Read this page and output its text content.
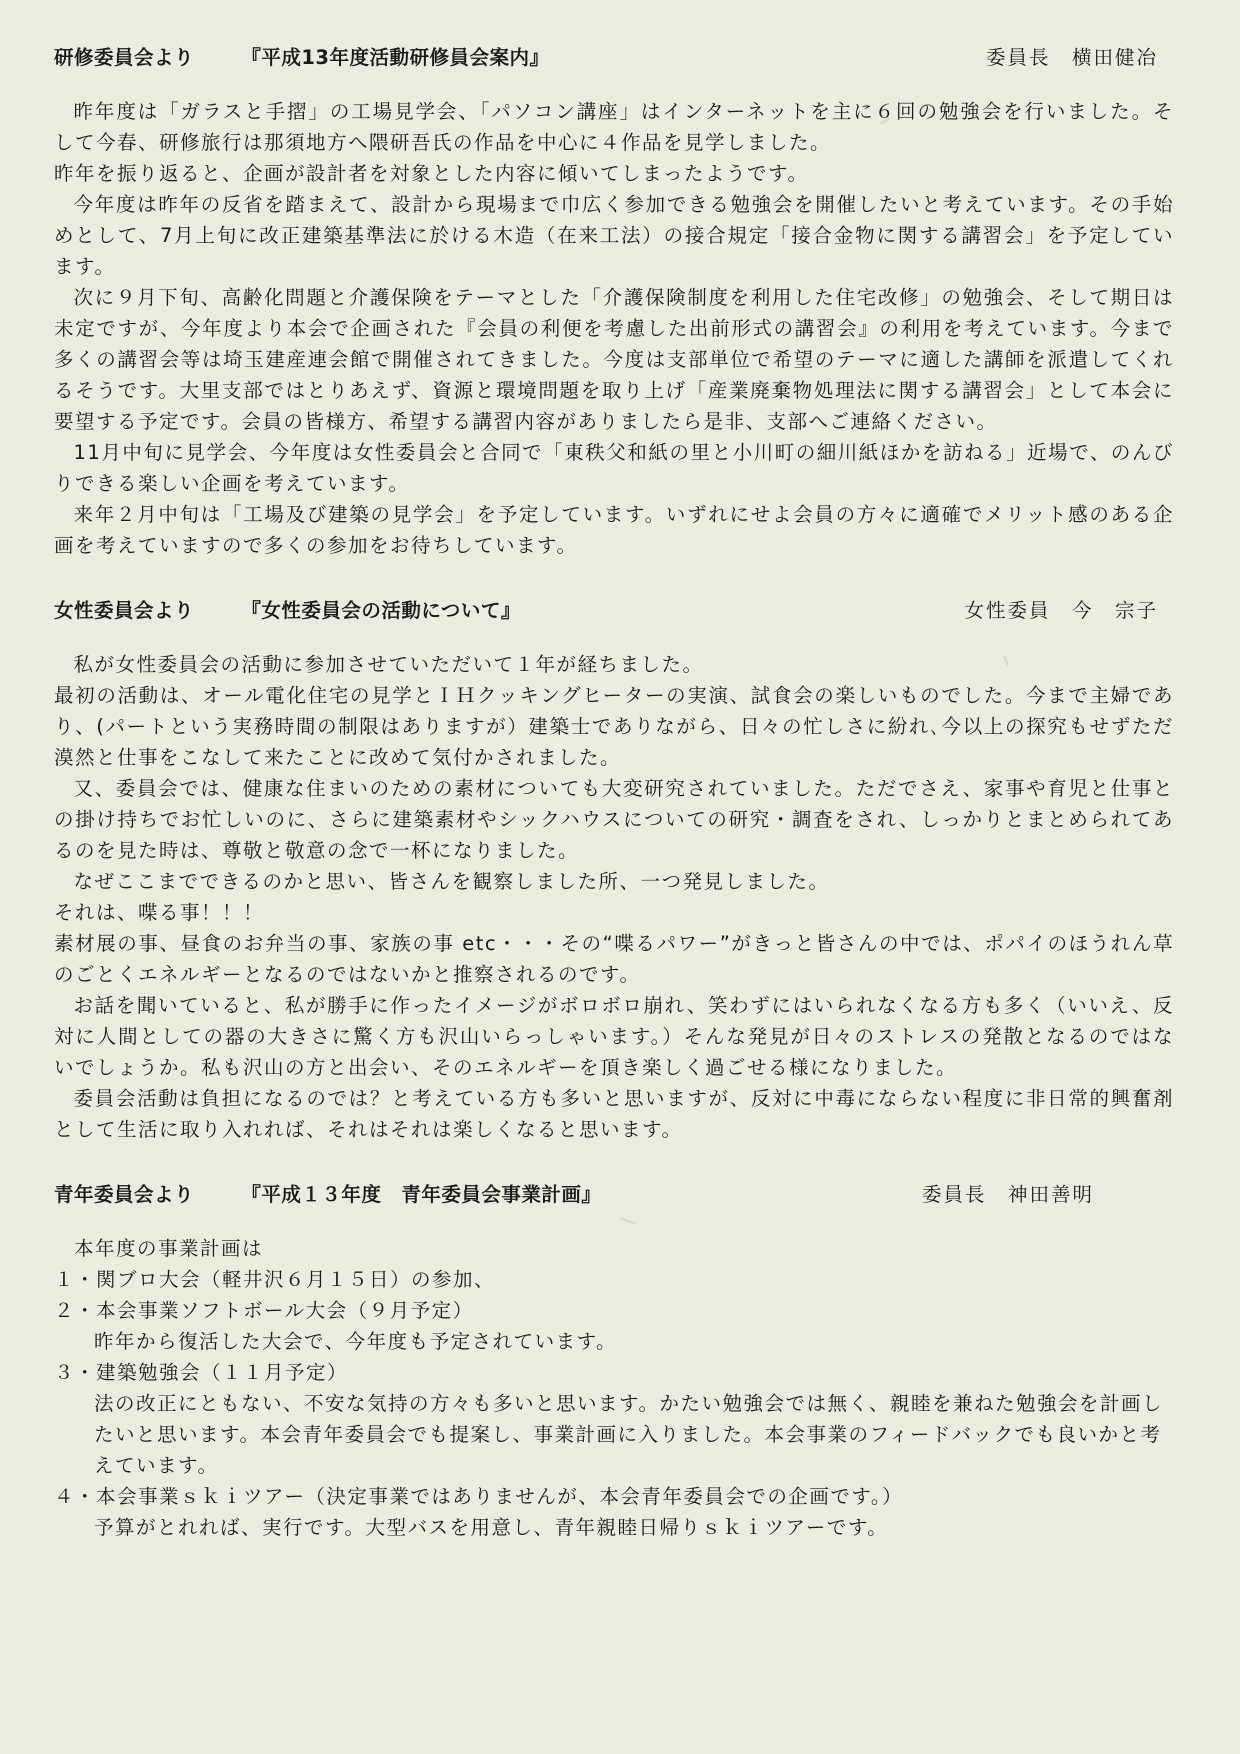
研修委員会より 『平成13年度活動研修員会案内』	委員長　横田健冶

昨年度は「ガラスと手摺」の工場見学会、「パソコン講座」はインターネットを主に６回の勉強会を行いました。そして今春、研修旅行は那須地方へ隈研吾氏の作品を中心に４作品を見学しました。

昨年を振り返ると、企画が設計者を対象とした内容に傾いてしまったようです。

今年度は昨年の反省を踏まえて、設計から現場まで巾広く参加できる勉強会を開催したいと考えています。その手始めとして、7月上旬に改正建築基準法に於ける木造（在来工法）の接合規定「接合金物に関する講習会」を予定しています。

次に９月下旬、高齢化問題と介護保険をテーマとした「介護保険制度を利用した住宅改修」の勉強会、そして期日は未定ですが、今年度より本会で企画された『会員の利便を考慮した出前形式の講習会』の利用を考えています。今まで多くの講習会等は埼玉建産連会館で開催されてきました。今度は支部単位で希望のテーマに適した講師を派遣してくれるそうです。大里支部ではとりあえず、資源と環境問題を取り上げ「産業廃棄物処理法に関する講習会」として本会に要望する予定です。会員の皆様方、希望する講習内容がありましたら是非、支部へご連絡ください。

11月中旬に見学会、今年度は女性委員会と合同で「東秩父和紙の里と小川町の細川紙ほかを訪ねる」近場で、のんびりできる楽しい企画を考えています。

来年２月中旬は「工場及び建築の見学会」を予定しています。いずれにせよ会員の方々に適確でメリット感のある企画を考えていますので多くの参加をお待ちしています。

女性委員会より 『女性委員会の活動について』	女性委員　今　宗子

私が女性委員会の活動に参加させていただいて１年が経ちました。

最初の活動は、オール電化住宅の見学とＩＨクッキングヒーターの実演、試食会の楽しいものでした。今まで主婦であり、(パートという実務時間の制限はありますが）建築士でありながら、日々の忙しさに紛れ､今以上の探究もせずただ漠然と仕事をこなして来たことに改めて気付かされました。

又、委員会では、健康な住まいのための素材についても大変研究されていました。ただでさえ、家事や育児と仕事との掛け持ちでお忙しいのに、さらに建築素材やシックハウスについての研究・調査をされ、しっかりとまとめられてあるのを見た時は、尊敬と敬意の念で一杯になりました。

なぜここまでできるのかと思い、皆さんを観察しました所、一つ発見しました。

それは、喋る事！！！

素材展の事、昼食のお弁当の事、家族の事 etc・・・その“喋るパワー”がきっと皆さんの中では、ポパイのほうれん草のごとくエネルギーとなるのではないかと推察されるのです。

お話を聞いていると、私が勝手に作ったイメージがボロボロ崩れ、笑わずにはいられなくなる方も多く（いいえ、反対に人間としての器の大きさに驚く方も沢山いらっしゃいます。）そんな発見が日々のストレスの発散となるのではないでしょうか。私も沢山の方と出会い、そのエネルギーを頂き楽しく過ごせる様になりました。

委員会活動は負担になるのでは？と考えている方も多いと思いますが、反対に中毒にならない程度に非日常的興奮剤として生活に取り入れれば、それはそれは楽しくなると思います。

青年委員会より 『平成１３年度　青年委員会事業計画』	委員長　神田善明
本年度の事業計画は
１・関ブロ大会（軽井沢６月１５日）の参加、
２・本会事業ソフトボール大会（９月予定）
昨年から復活した大会で、今年度も予定されています。
３・建築勉強会（１１月予定）
法の改正にともない、不安な気持の方々も多いと思います。かたい勉強会では無く、親睦を兼ねた勉強会を計画したいと思います。本会青年委員会でも提案し、事業計画に入りました。本会事業のフィードバックでも良いかと考えています。
４・本会事業ｓｋｉツアー（決定事業ではありませんが、本会青年委員会での企画です。）
予算がとれれば、実行です。大型バスを用意し、青年親睦日帰りｓｋｉツアーです。
